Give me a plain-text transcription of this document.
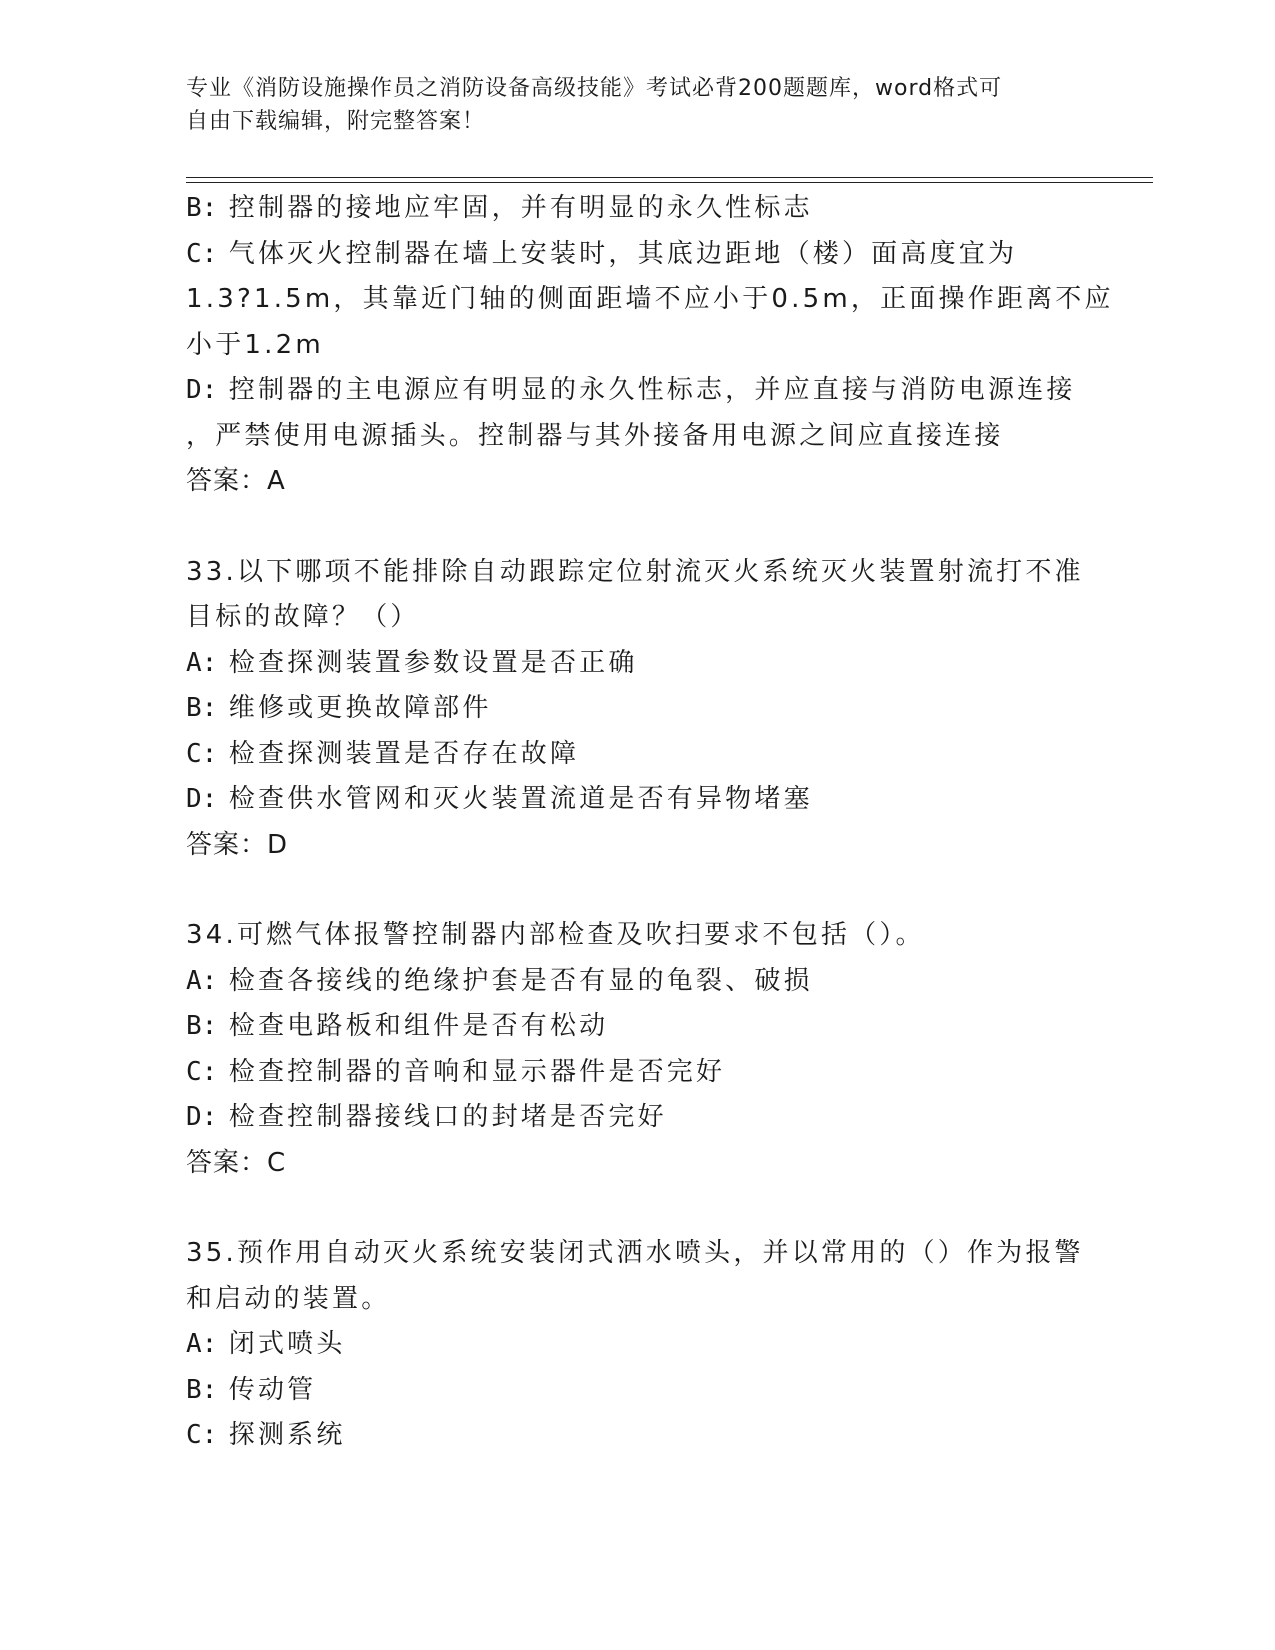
专业《消防设施操作员之消防设备高级技能》考试必背200题题库，word格式可
自由下载编辑，附完整答案！
B: 控制器的接地应牢固，并有明显的永久性标志
C: 气体灭火控制器在墙上安装时，其底边距地（楼）面高度宜为
1.3?1.5m，其靠近门轴的侧面距墙不应小于0.5m，正面操作距离不应
小于1.2m
D: 控制器的主电源应有明显的永久性标志，并应直接与消防电源连接
，严禁使用电源插头。控制器与其外接备用电源之间应直接连接
答案：A
33.以下哪项不能排除自动跟踪定位射流灭火系统灭火装置射流打不准
目标的故障？（）
A: 检查探测装置参数设置是否正确
B: 维修或更换故障部件
C: 检查探测装置是否存在故障
D: 检查供水管网和灭火装置流道是否有异物堵塞
答案：D
34.可燃气体报警控制器内部检查及吹扫要求不包括（）。
A: 检查各接线的绝缘护套是否有显的龟裂、破损
B: 检查电路板和组件是否有松动
C: 检查控制器的音响和显示器件是否完好
D: 检查控制器接线口的封堵是否完好
答案：C
35.预作用自动灭火系统安装闭式洒水喷头，并以常用的（）作为报警
和启动的装置。
A: 闭式喷头
B: 传动管
C: 探测系统
